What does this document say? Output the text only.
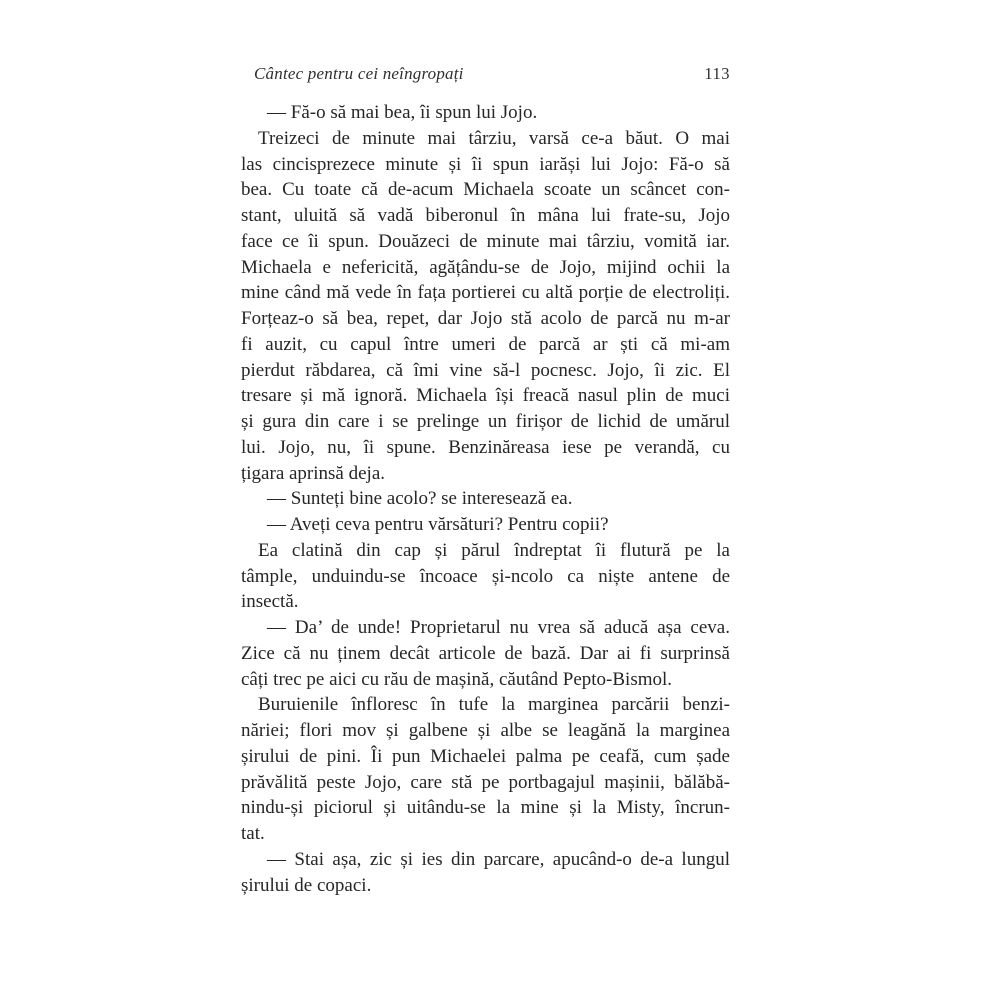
Cântec pentru cei neîngropați	113
— Fă-o să mai bea, îi spun lui Jojo.
Treizeci de minute mai târziu, varsă ce-a băut. O mai
las cincisprezece minute și îi spun iarăși lui Jojo: Fă-o să
bea. Cu toate că de-acum Michaela scoate un scâncet con-
stant, uluită să vadă biberonul în mâna lui frate-su, Jojo
face ce îi spun. Douăzeci de minute mai târziu, vomită iar.
Michaela e nefericită, agățându-se de Jojo, mijind ochii la
mine când mă vede în fața portierei cu altă porție de electroliți.
Forțeaz-o să bea, repet, dar Jojo stă acolo de parcă nu m-ar
fi auzit, cu capul între umeri de parcă ar ști că mi-am
pierdut răbdarea, că îmi vine să-l pocnesc. Jojo, îi zic. El
tresare și mă ignoră. Michaela își freacă nasul plin de muci
și gura din care i se prelinge un firișor de lichid de umărul
lui. Jojo, nu, îi spune. Benzinăreasa iese pe verandă, cu
țigara aprinsă deja.
— Sunteți bine acolo? se interesează ea.
— Aveți ceva pentru vărsături? Pentru copii?
Ea clatină din cap și părul îndreptat îi flutură pe la
tâmple, unduindu-se încoace și-ncolo ca niște antene de
insectă.
— Da’ de unde! Proprietarul nu vrea să aducă așa ceva.
Zice că nu ținem decât articole de bază. Dar ai fi surprinsă
câți trec pe aici cu rău de mașină, căutând Pepto-Bismol.
Buruienile înfloresc în tufe la marginea parcării benzi-
năriei; flori mov și galbene și albe se leagănă la marginea
șirului de pini. Îi pun Michaelei palma pe ceafă, cum șade
prăvălită peste Jojo, care stă pe portbagajul mașinii, bălăbă-
nindu-și piciorul și uitându-se la mine și la Misty, încrun-
tat.
— Stai așa, zic și ies din parcare, apucând-o de-a lungul
șirului de copaci.
